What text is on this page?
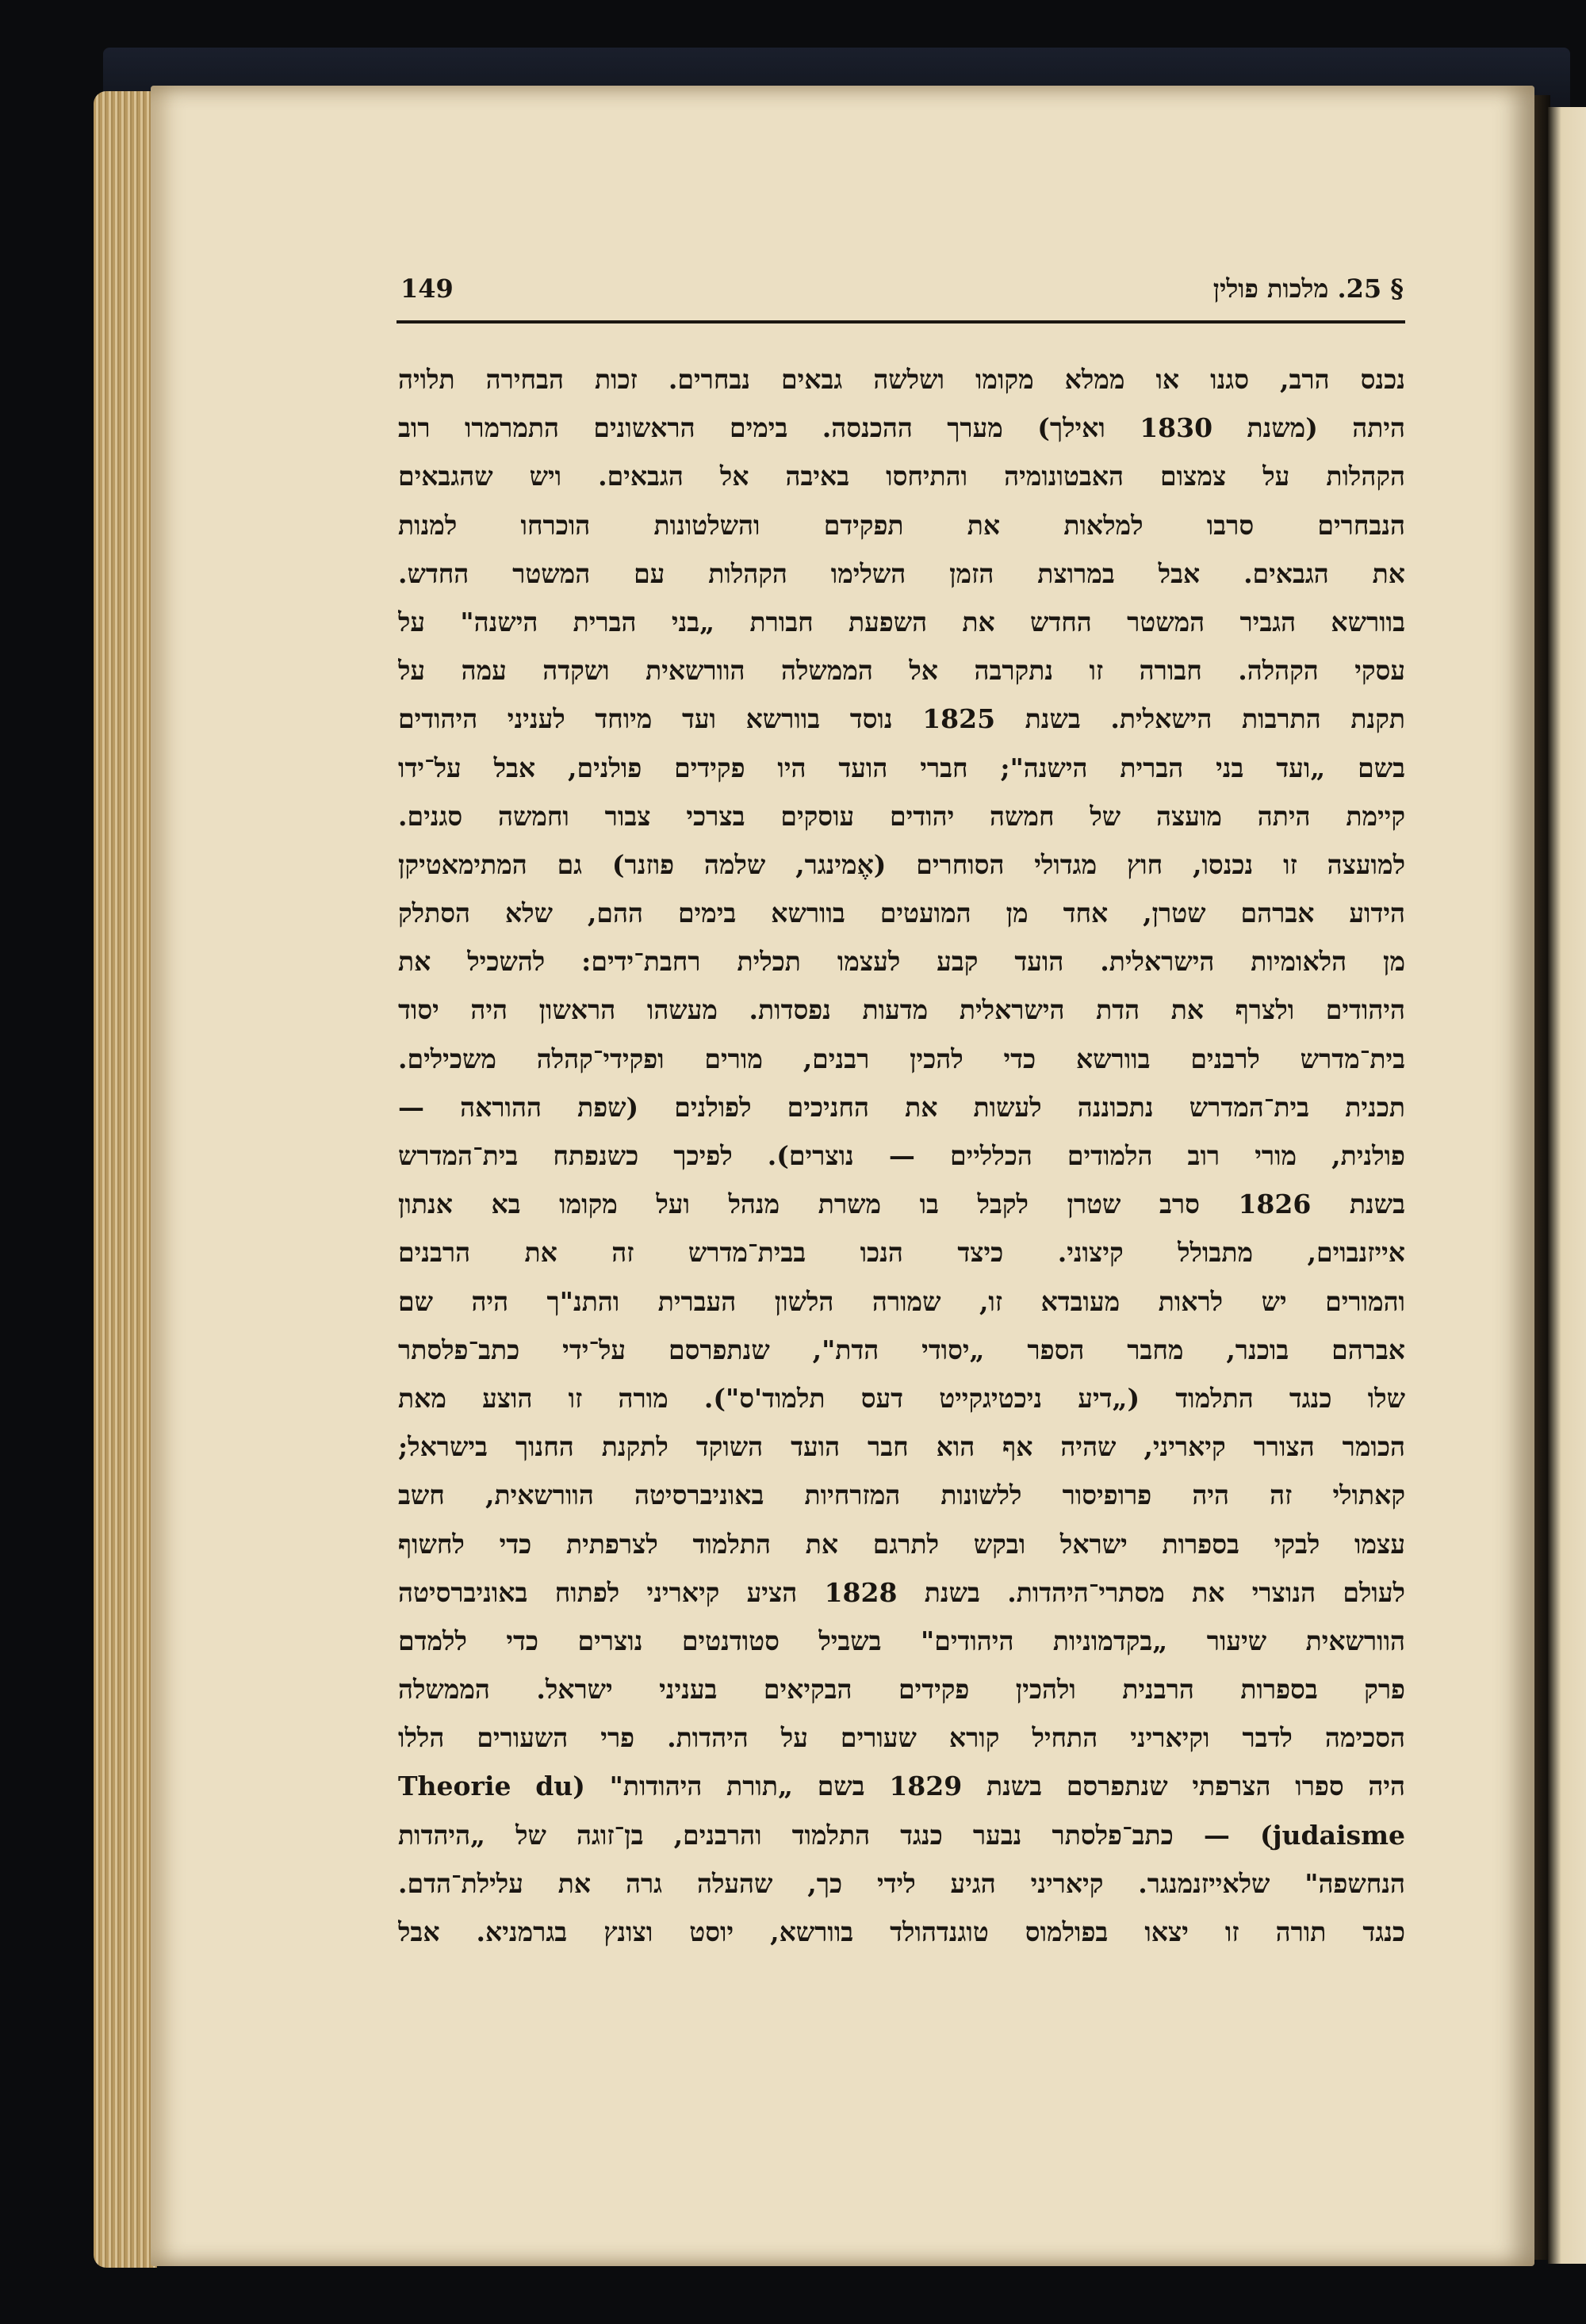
149	§ 25. מלכות פולין
נכנס הרב, סגנו או ממלא מקומו ושלשה גבאים נבחרים. זכות הבחירה תלויה
היתה (משנת 1830 ואילך) מערך ההכנסה. בימים הראשונים התמרמרו רוב
הקהלות על צמצום האבטונומיה והתיחסו באיבה אל הגבאים. ויש שהגבאים
הנבחרים סרבו למלאות את תפקידם והשלטונות הוכרחו למנות
את הגבאים. אבל במרוצת הזמן השלימו הקהלות עם המשטר החדש.
בוורשא הגביר המשטר החדש את השפעת חבורת „בני הברית הישנה" על
עסקי הקהלה. חבורה זו נתקרבה אל הממשלה הוורשאית ושקדה עמה על
תקנת התרבות הישאלית. בשנת 1825 נוסד בוורשא ועד מיוחד לעניני היהודים
בשם „ועד בני הברית הישנה"; חברי הועד היו פקידים פולנים, אבל על־ידו
קיימת היתה מועצה של חמשה יהודים עוסקים בצרכי צבור וחמשה סגנים.
למועצה זו נכנסו, חוץ מגדולי הסוחרים (אֶמינגר, שלמה פוזנר) גם המתימאטיקן
הידוע אברהם שטרן, אחד מן המועטים בוורשא בימים ההם, שלא הסתלק
מן הלאומיות הישראלית. הועד קבע לעצמו תכלית רחבת־ידים: להשכיל את
היהודים ולצרף את הדת הישראלית מדעות נפסדות. מעשהו הראשון היה יסוד
בית־מדרש לרבנים בוורשא כדי להכין רבנים, מורים ופקידי־קהלה משכילים.
תכנית בית־המדרש נתכוננה לעשות את החניכים לפולנים (שפת ההוראה —
פולנית, מורי רוב הלמודים הכלליים — נוצרים). לפיכך כשנפתח בית־המדרש
בשנת 1826 סרב שטרן לקבל בו משרת מנהל ועל מקומו בא אנתון
אייזנבוים, מתבולל קיצוני. כיצד הנכו בבית־מדרש זה את הרבנים
והמורים יש לראות מעובדא זו, שמורה הלשון העברית והתנ"ך היה שם
אברהם בוכנר, מחבר הספר „יסודי הדת", שנתפרסם על־ידי כתב־פלסתר
שלו כנגד התלמוד („דיע ניכטיגקייט דעס תלמוד'ס"). מורה זו הוצע מאת
הכומר הצורר קיאריני, שהיה אף הוא חבר הועד השוקד לתקנת החנוך בישראל;
קאתולי זה היה פרופיסור ללשונות המזרחיות באוניברסיטה הוורשאית, חשב
עצמו לבקי בספרות ישראל ובקש לתרגם את התלמוד לצרפתית כדי לחשוף
לעולם הנוצרי את מסתרי־היהדות. בשנת 1828 הציע קיאריני לפתוח באוניברסיטה
הוורשאית שיעור „בקדמוניות היהודים" בשביל סטודנטים נוצרים כדי ללמדם
פרק בספרות הרבנית ולהכין פקידים הבקיאים בעניני ישראל. הממשלה
הסכימה לדבר וקיאריני התחיל קורא שעורים על היהדות. פרי השעורים הללו
היה ספרו הצרפתי שנתפרסם בשנת 1829 בשם „תורת היהודות" (Theorie du
judaisme) — כתב־פלסתר נבער כנגד התלמוד והרבנים, בן־זוגה של „היהדות
הנחשפה" שלאייזנמנגר. קיאריני הגיע לידי כך, שהעלה גרה את עלילת־הדם.
כנגד תורה זו יצאו בפולמוס טוגנדהולד בוורשא, יוסט וצונץ בגרמניא. אבל
